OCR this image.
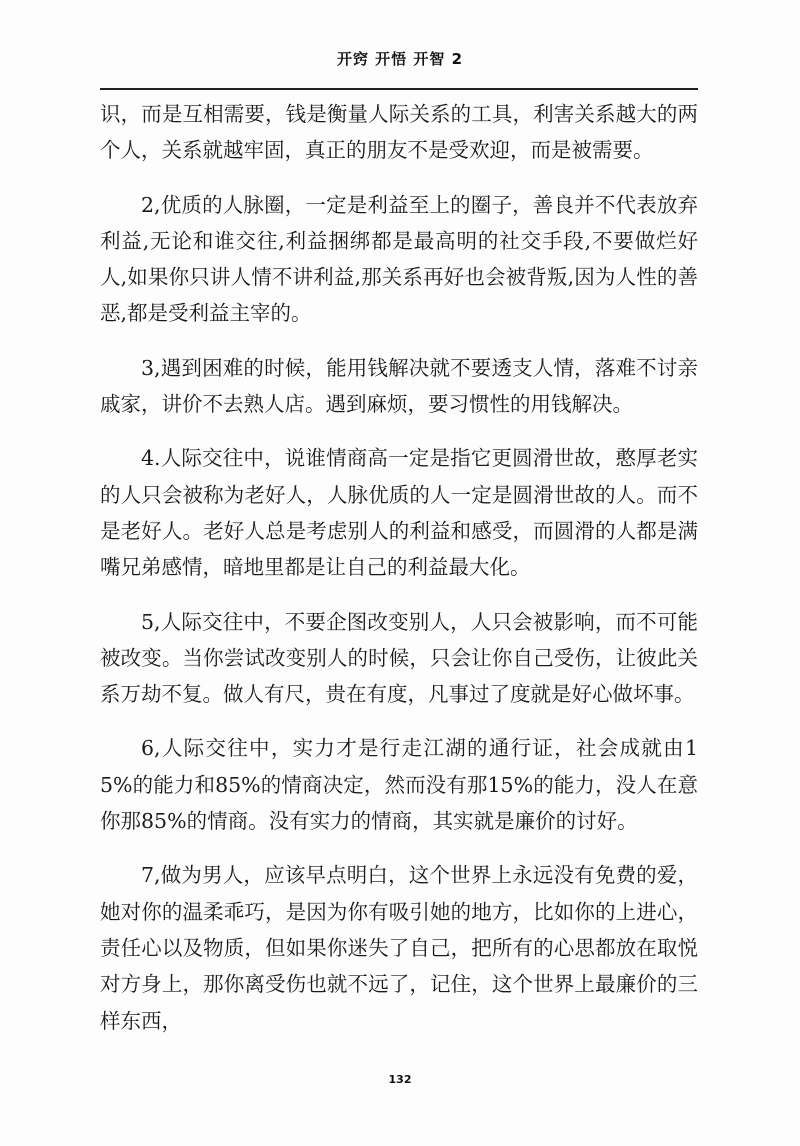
开窍 开悟 开智 2

识，而是互相需要，钱是衡量人际关系的工具，利害关系越大的两个人，关系就越牢固，真正的朋友不是受欢迎，而是被需要。

2,优质的人脉圈，一定是利益至上的圈子，善良并不代表放弃利益,无论和谁交往,利益捆绑都是最高明的社交手段,不要做烂好人,如果你只讲人情不讲利益,那关系再好也会被背叛,因为人性的善恶,都是受利益主宰的。

3,遇到困难的时候，能用钱解决就不要透支人情，落难不讨亲戚家，讲价不去熟人店。遇到麻烦，要习惯性的用钱解决。

4.人际交往中，说谁情商高一定是指它更圆滑世故，憨厚老实的人只会被称为老好人，人脉优质的人一定是圆滑世故的人。而不是老好人。老好人总是考虑别人的利益和感受，而圆滑的人都是满嘴兄弟感情，暗地里都是让自己的利益最大化。

5,人际交往中，不要企图改变别人，人只会被影响，而不可能被改变。当你尝试改变别人的时候，只会让你自己受伤，让彼此关系万劫不复。做人有尺，贵在有度，凡事过了度就是好心做坏事。

6,人际交往中，实力才是行走江湖的通行证，社会成就由15%的能力和85%的情商决定，然而没有那15%的能力，没人在意你那85%的情商。没有实力的情商，其实就是廉价的讨好。

7,做为男人，应该早点明白，这个世界上永远没有免费的爱，她对你的温柔乖巧，是因为你有吸引她的地方，比如你的上进心，责任心以及物质，但如果你迷失了自己，把所有的心思都放在取悦对方身上，那你离受伤也就不远了，记住，这个世界上最廉价的三样东西，

132
